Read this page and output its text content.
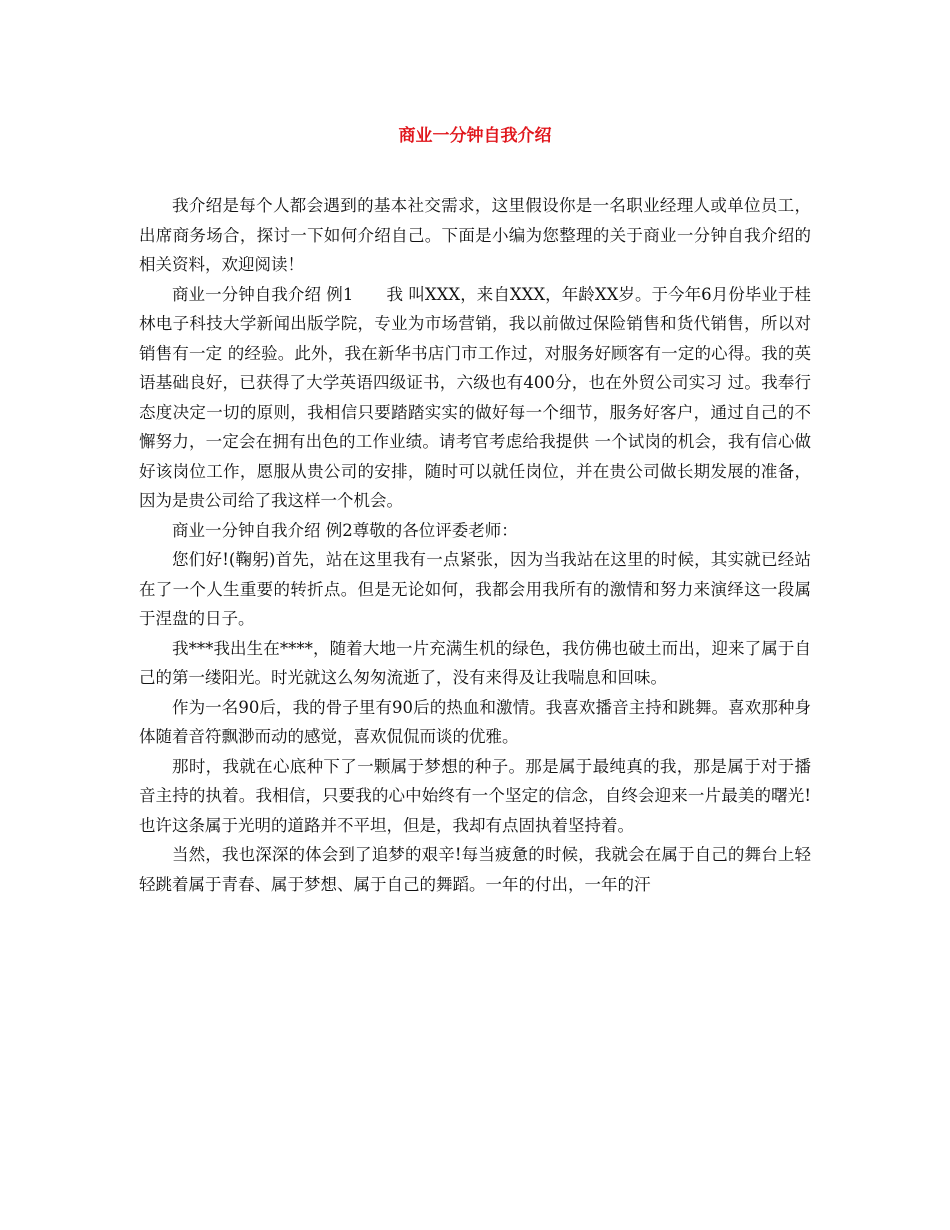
商业一分钟自我介绍

我介绍是每个人都会遇到的基本社交需求，这里假设你是一名职业经理人或单位员工，出席商务场合，探讨一下如何介绍自己。下面是小编为您整理的关于商业一分钟自我介绍的相关资料，欢迎阅读！

商业一分钟自我介绍 例1　　我 叫XXX，来自XXX，年龄XX岁。于今年6月份毕业于桂林电子科技大学新闻出版学院，专业为市场营销，我以前做过保险销售和货代销售，所以对销售有一定 的经验。此外，我在新华书店门市工作过，对服务好顾客有一定的心得。我的英语基础良好，已获得了大学英语四级证书，六级也有400分，也在外贸公司实习 过。我奉行态度决定一切的原则，我相信只要踏踏实实的做好每一个细节，服务好客户，通过自己的不懈努力，一定会在拥有出色的工作业绩。请考官考虑给我提供 一个试岗的机会，我有信心做好该岗位工作，愿服从贵公司的安排，随时可以就任岗位，并在贵公司做长期发展的准备，因为是贵公司给了我这样一个机会。

商业一分钟自我介绍 例2尊敬的各位评委老师：

您们好!(鞠躬)首先，站在这里我有一点紧张，因为当我站在这里的时候，其实就已经站在了一个人生重要的转折点。但是无论如何，我都会用我所有的激情和努力来演绎这一段属于涅盘的日子。

我***我出生在****，随着大地一片充满生机的绿色，我仿佛也破土而出，迎来了属于自己的第一缕阳光。时光就这么匆匆流逝了，没有来得及让我喘息和回味。

作为一名90后，我的骨子里有90后的热血和激情。我喜欢播音主持和跳舞。喜欢那种身体随着音符飘渺而动的感觉，喜欢侃侃而谈的优雅。

那时，我就在心底种下了一颗属于梦想的种子。那是属于最纯真的我，那是属于对于播音主持的执着。我相信，只要我的心中始终有一个坚定的信念，自终会迎来一片最美的曙光!也许这条属于光明的道路并不平坦，但是，我却有点固执着坚持着。

当然，我也深深的体会到了追梦的艰辛!每当疲惫的时候，我就会在属于自己的舞台上轻轻跳着属于青春、属于梦想、属于自己的舞蹈。一年的付出，一年的汗
